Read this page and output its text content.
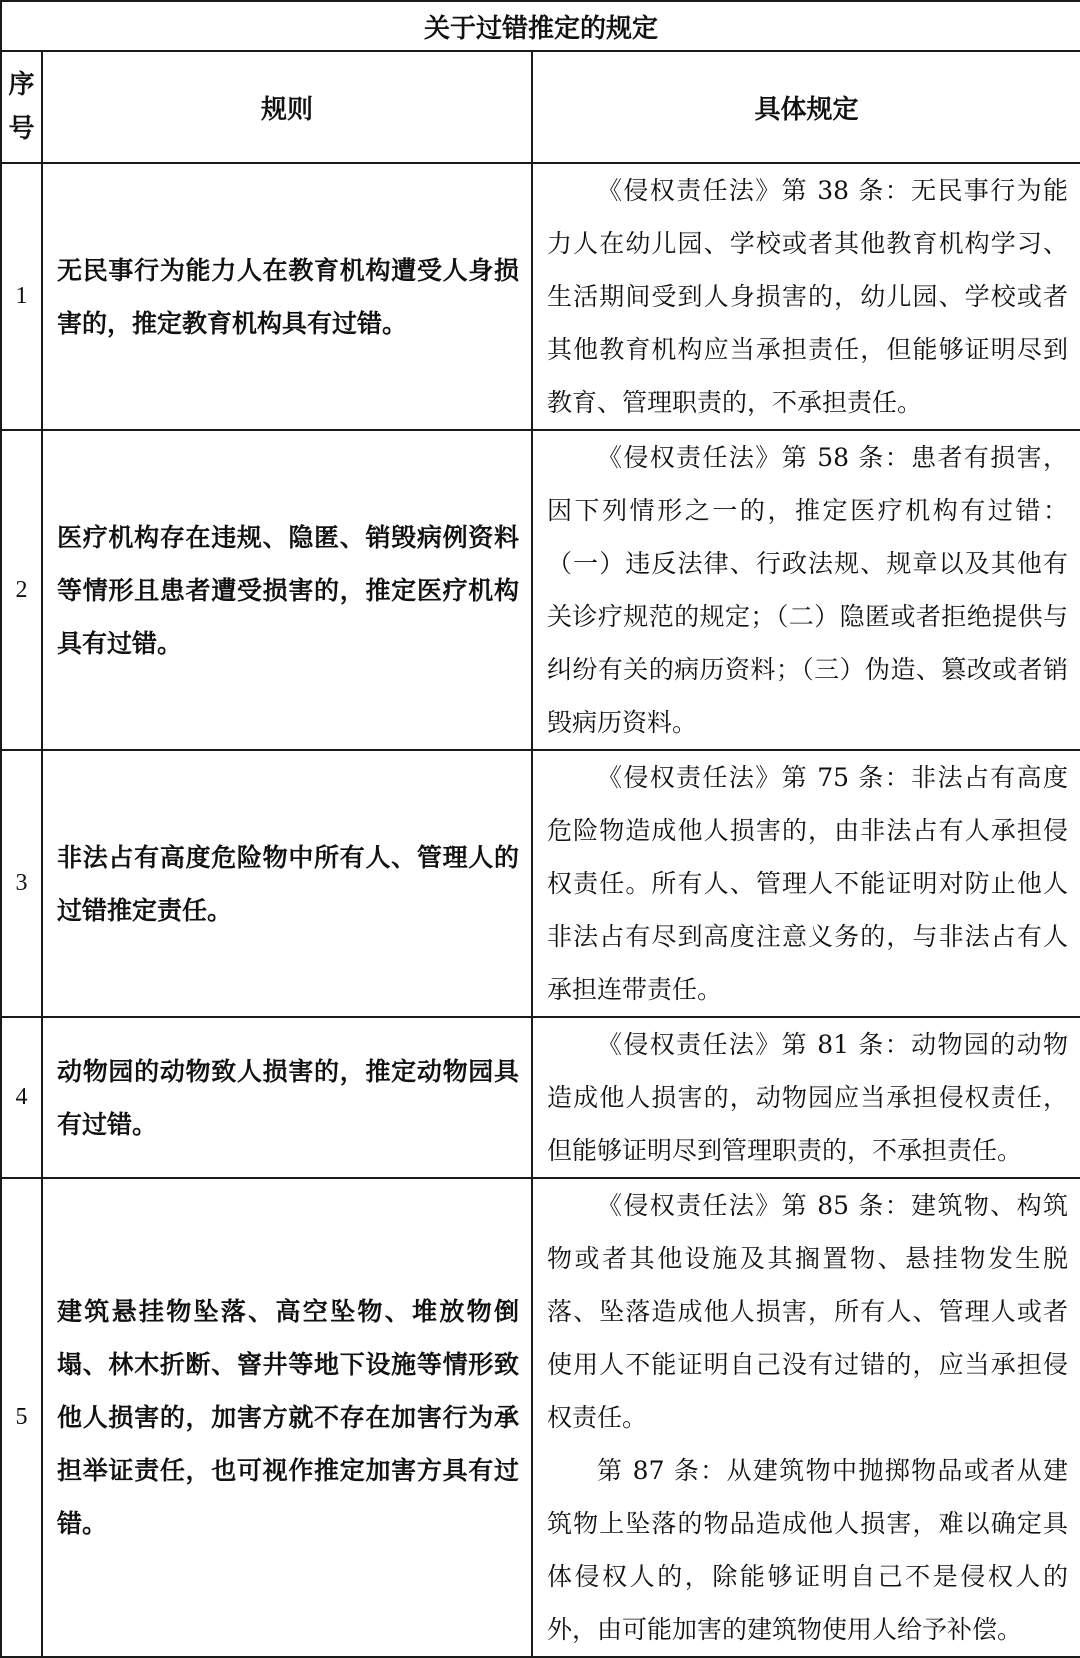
关于过错推定的规定		

序
号	规则	具体规定
1	无民事行为能力人在教育机构遭受人身损害的，推定教育机构具有过错。	《侵权责任法》第 38 条：无民事行为能力人在幼儿园、学校或者其他教育机构学习、生活期间受到人身损害的，幼儿园、学校或者其他教育机构应当承担责任，但能够证明尽到教育、管理职责的，不承担责任。

2	医疗机构存在违规、隐匿、销毁病例资料等情形且患者遭受损害的，推定医疗机构具有过错。	《侵权责任法》第 58 条：患者有损害，因下列情形之一的，推定医疗机构有过错：（一）违反法律、行政法规、规章以及其他有关诊疗规范的规定；（二）隐匿或者拒绝提供与纠纷有关的病历资料；（三）伪造、篡改或者销毁病历资料。

3	非法占有高度危险物中所有人、管理人的过错推定责任。	《侵权责任法》第 75 条：非法占有高度危险物造成他人损害的，由非法占有人承担侵权责任。所有人、管理人不能证明对防止他人非法占有尽到高度注意义务的，与非法占有人承担连带责任。

4	动物园的动物致人损害的，推定动物园具有过错。	《侵权责任法》第 81 条：动物园的动物造成他人损害的，动物园应当承担侵权责任，但能够证明尽到管理职责的，不承担责任。

5	建筑悬挂物坠落、高空坠物、堆放物倒塌、林木折断、窨井等地下设施等情形致他人损害的，加害方就不存在加害行为承担举证责任，也可视作推定加害方具有过错。	《侵权责任法》第 85 条：建筑物、构筑物或者其他设施及其搁置物、悬挂物发生脱落、坠落造成他人损害，所有人、管理人或者使用人不能证明自己没有过错的，应当承担侵权责任。

第 87 条：从建筑物中抛掷物品或者从建筑物上坠落的物品造成他人损害，难以确定具体侵权人的，除能够证明自己不是侵权人的外，由可能加害的建筑物使用人给予补偿。
